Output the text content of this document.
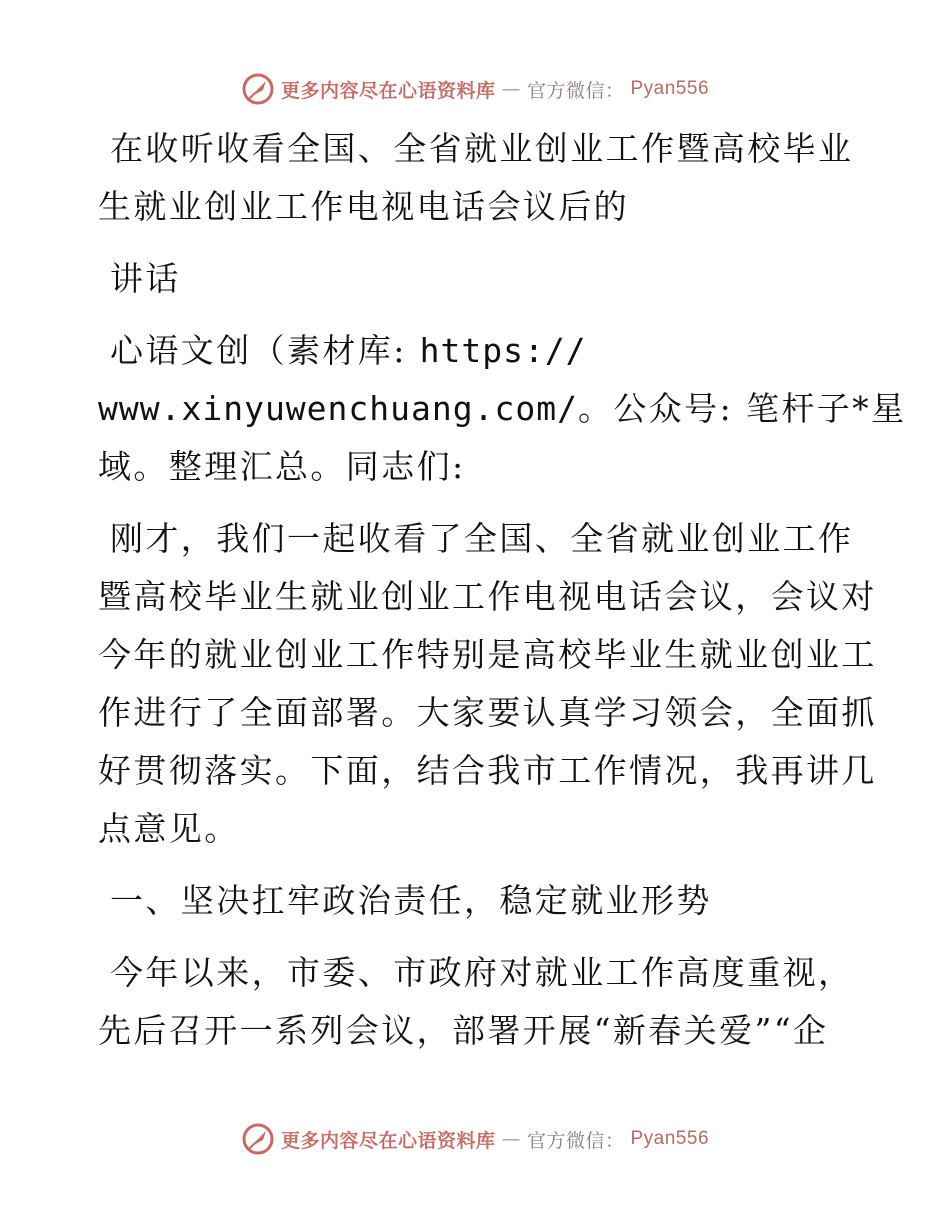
更多内容尽在心语资料库 — 官方微信： Pyan556
在收听收看全国、全省就业创业工作暨高校毕业
生就业创业工作电视电话会议后的
讲话
心语文创（素材库: https://
www.xinyuwenchuang.com/。公众号: 笔杆子*星
域。整理汇总。同志们:
刚才，我们一起收看了全国、全省就业创业工作
暨高校毕业生就业创业工作电视电话会议，会议对
今年的就业创业工作特别是高校毕业生就业创业工
作进行了全面部署。大家要认真学习领会，全面抓
好贯彻落实。下面，结合我市工作情况，我再讲几
点意见。
一、坚决扛牢政治责任，稳定就业形势
今年以来，市委、市政府对就业工作高度重视，
先后召开一系列会议，部署开展“新春关爱”“企
更多内容尽在心语资料库 — 官方微信： Pyan556
